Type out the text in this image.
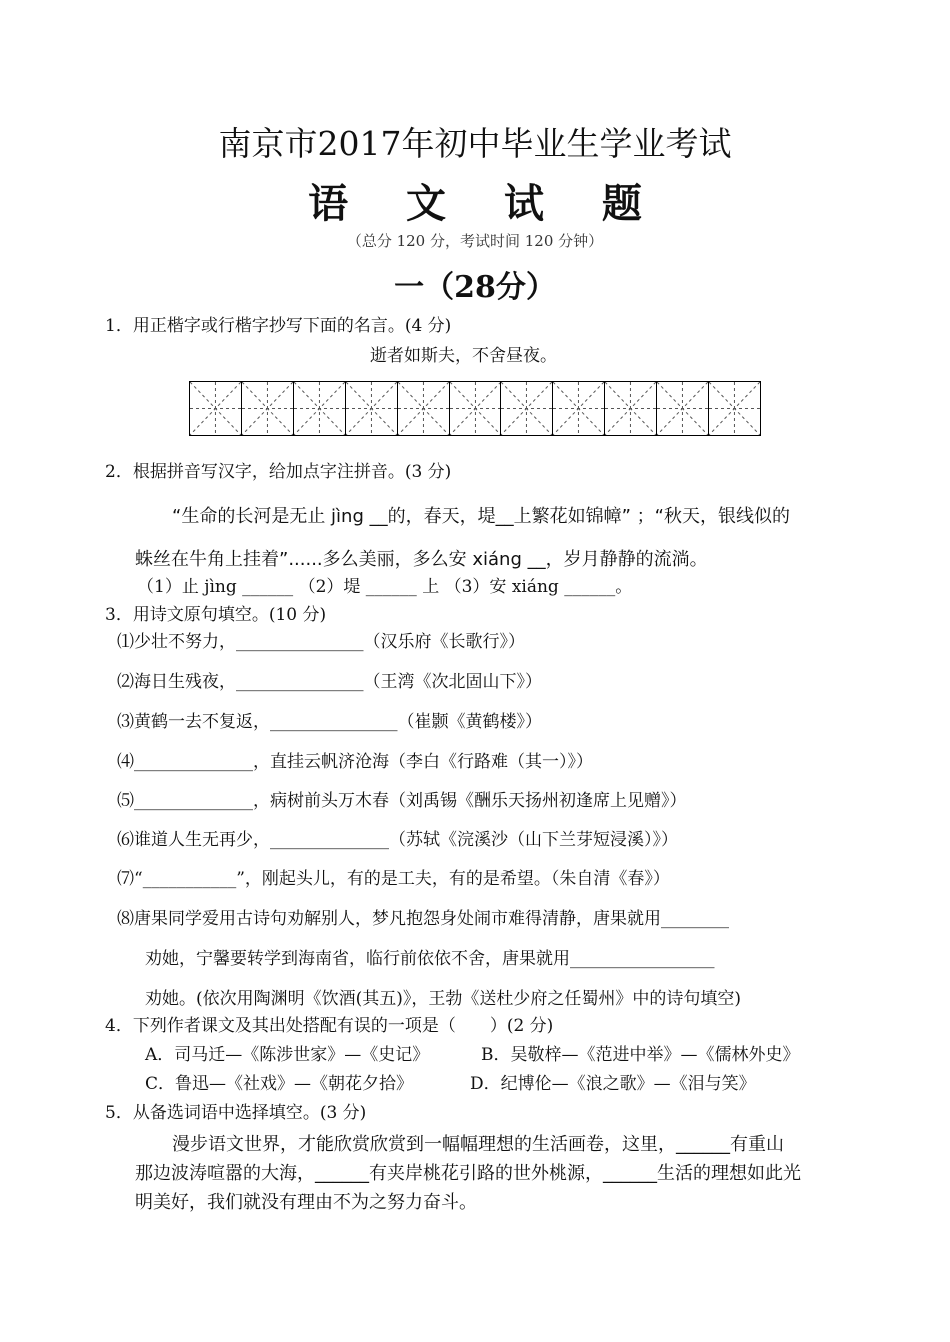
南京市2017年初中毕业生学业考试
语 文 试 题
（总分 120 分，考试时间 120 分钟）
一（28分）
1．用正楷字或行楷字抄写下面的名言。(4 分)
逝者如斯夫，不舍昼夜。
2．根据拼音写汉字，给加点字注拼音。(3 分)
“生命的长河是无止 jìng __的，春天，堤__上繁花如锦幛” ；“秋天，银线似的
蛛丝在牛角上挂着”......多么美丽，多么安 xiáng __，岁月静静的流淌。
（1）止 jìng ______ （2）堤 ______ 上 （3）安 xiáng ______。
3．用诗文原句填空。(10 分)
⑴少壮不努力，_______________（汉乐府《长歌行》）
⑵海日生残夜，_______________（王湾《次北固山下》）
⑶黄鹤一去不复返，_______________（崔颢《黄鹤楼》）
⑷______________，直挂云帆济沧海（李白《行路难（其一）》）
⑸______________，病树前头万木春（刘禹锡《酬乐天扬州初逢席上见赠》）
⑹谁道人生无再少，______________（苏轼《浣溪沙（山下兰芽短浸溪）》）
⑺“___________”，刚起头儿，有的是工夫，有的是希望。（朱自清《春》）
⑻唐果同学爱用古诗句劝解别人，梦凡抱怨身处闹市难得清静，唐果就用________
劝她，宁馨要转学到海南省，临行前依依不舍，唐果就用_________________
劝她。(依次用陶渊明《饮酒(其五)》，王勃《送杜少府之任蜀州》中的诗句填空)
4．下列作者课文及其出处搭配有误的一项是（　　）(2 分)
A．司马迁—《陈涉世家》—《史记》	B．吴敬梓—《范进中举》—《儒林外史》
C．鲁迅—《社戏》—《朝花夕拾》	D．纪博伦—《浪之歌》—《泪与笑》
5．从备选词语中选择填空。(3 分)
漫步语文世界，才能欣赏欣赏到一幅幅理想的生活画卷，这里，______有重山
那边波涛喧嚣的大海，______有夹岸桃花引路的世外桃源，______生活的理想如此光
明美好，我们就没有理由不为之努力奋斗。
